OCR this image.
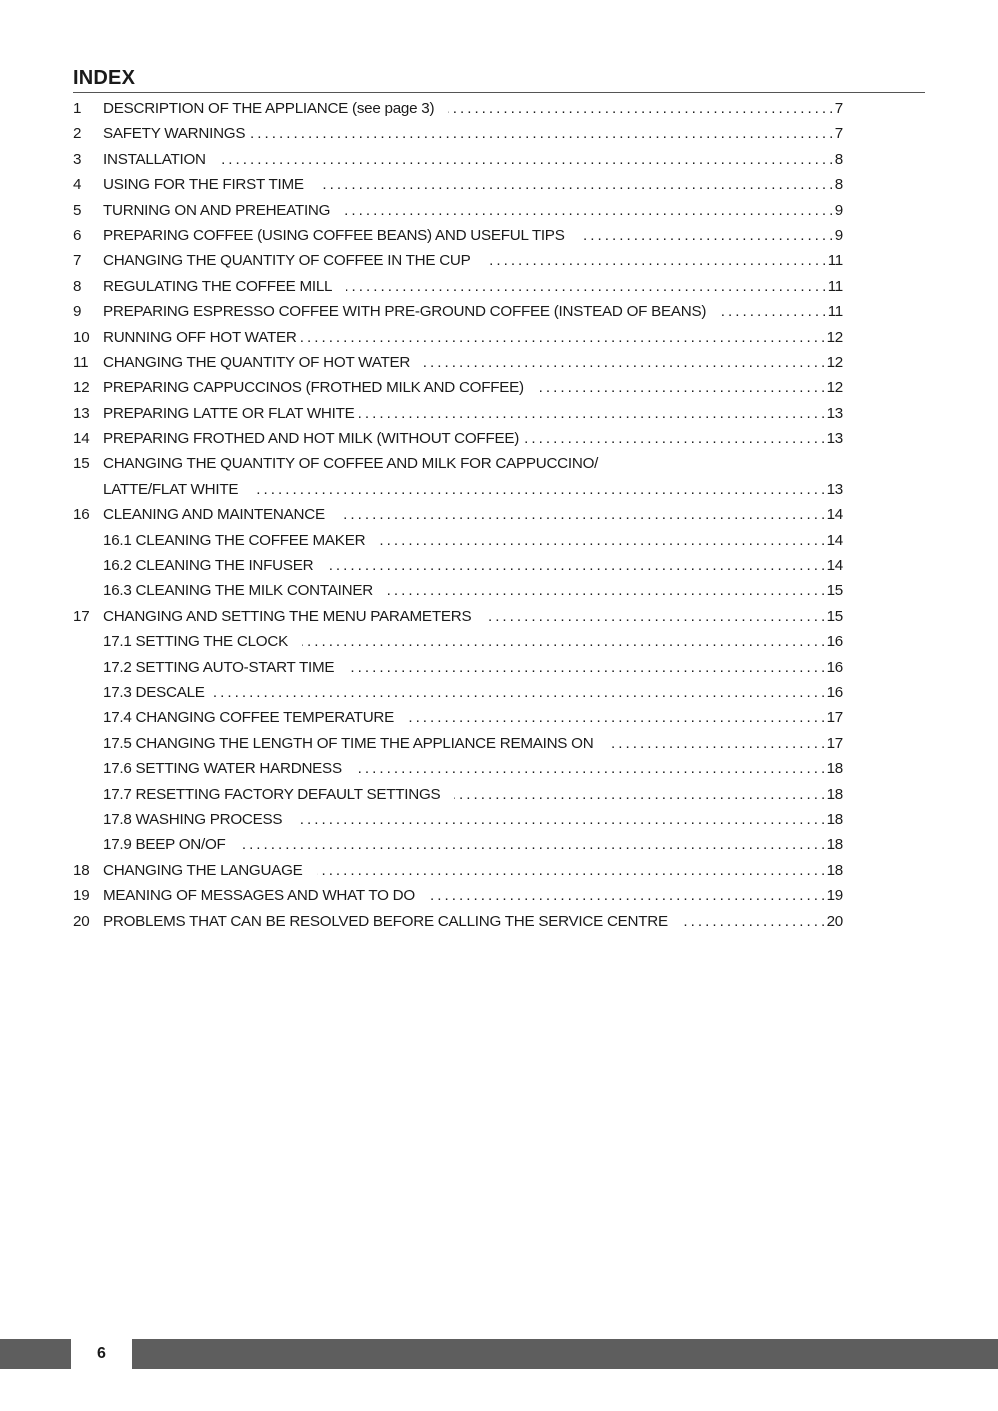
INDEX
1	DESCRIPTION OF THE APPLIANCE (see page 3) . . .	7
2	SAFETY WARNINGS . . .	7
3	INSTALLATION . . .	8
4	USING FOR THE FIRST TIME . . .	8
5	TURNING ON AND PREHEATING . . .	9
6	PREPARING COFFEE (USING COFFEE BEANS) AND USEFUL TIPS . . .	9
7	CHANGING THE QUANTITY OF COFFEE IN THE CUP . . .	11
8	REGULATING THE COFFEE MILL . . .	11
9	PREPARING ESPRESSO COFFEE WITH PRE-GROUND COFFEE (INSTEAD OF BEANS) . . .	11
10 RUNNING OFF HOT WATER . . .	12
11 CHANGING THE QUANTITY OF HOT WATER . . .	12
12 PREPARING CAPPUCCINOS (FROTHED MILK AND COFFEE) . . .	12
13 PREPARING LATTE OR FLAT WHITE . . .	13
14 PREPARING FROTHED AND HOT MILK (WITHOUT COFFEE) . . .	13
15 CHANGING THE QUANTITY OF COFFEE AND MILK FOR CAPPUCCINO/
LATTE/FLAT WHITE . . .	13
16 CLEANING AND MAINTENANCE . . .	14
16.1 CLEANING THE COFFEE MAKER . . .	14
16.2 CLEANING THE INFUSER . . .	14
16.3 CLEANING THE MILK CONTAINER . . .	15
17 CHANGING AND SETTING THE MENU PARAMETERS . . .	15
17.1 SETTING THE CLOCK . . .	16
17.2 SETTING AUTO-START TIME . . .	16
17.3 DESCALE . . .	16
17.4 CHANGING COFFEE TEMPERATURE . . .	17
17.5 CHANGING THE LENGTH OF TIME THE APPLIANCE REMAINS ON . . .	17
17.6 SETTING WATER HARDNESS . . .	18
17.7 RESETTING FACTORY DEFAULT SETTINGS . . .	18
17.8 WASHING PROCESS . . .	18
17.9 BEEP ON/OF . . .	18
18 CHANGING THE LANGUAGE . . .	18
19 MEANING OF MESSAGES AND WHAT TO DO . . .	19
20 PROBLEMS THAT CAN BE RESOLVED BEFORE CALLING THE SERVICE CENTRE . . .	20
6
